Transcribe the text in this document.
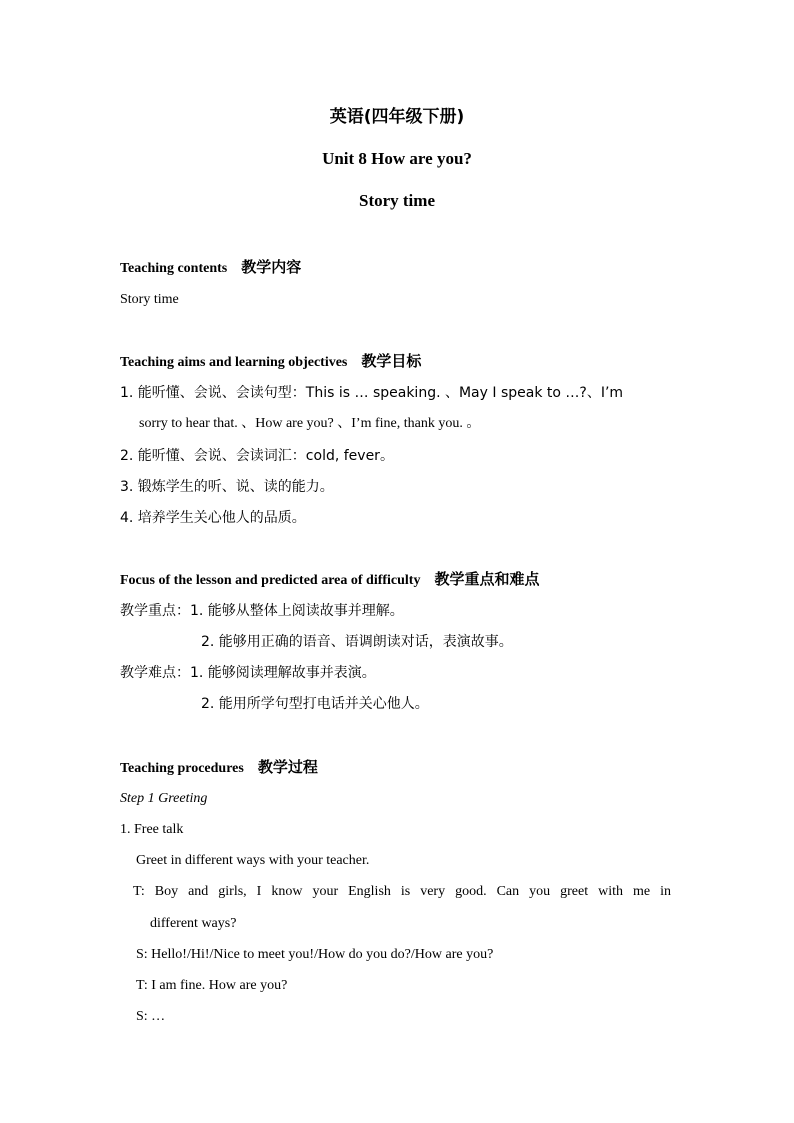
英语(四年级下册)
Unit 8 How are you?
Story time
Teaching contents 教学内容
Story time
Teaching aims and learning objectives 教学目标
1. 能听懂、会说、会读句型：This is … speaking. 、May I speak to …?、I’m
sorry to hear that. 、How are you? 、I’m fine, thank you. 。
2. 能听懂、会说、会读词汇：cold, fever。
3. 锻炼学生的听、说、读的能力。
4. 培养学生关心他人的品质。
Focus of the lesson and predicted area of difficulty 教学重点和难点
教学重点：1. 能够从整体上阅读故事并理解。
2. 能够用正确的语音、语调朗读对话，表演故事。
教学难点：1. 能够阅读理解故事并表演。
2. 能用所学句型打电话并关心他人。
Teaching procedures 教学过程
Step 1 Greeting
1. Free talk
Greet in different ways with your teacher.
T: Boy and girls, I know your English is very good. Can you greet with me in
different ways?
S: Hello!/Hi!/Nice to meet you!/How do you do?/How are you?
T: I am fine. How are you?
S: …
